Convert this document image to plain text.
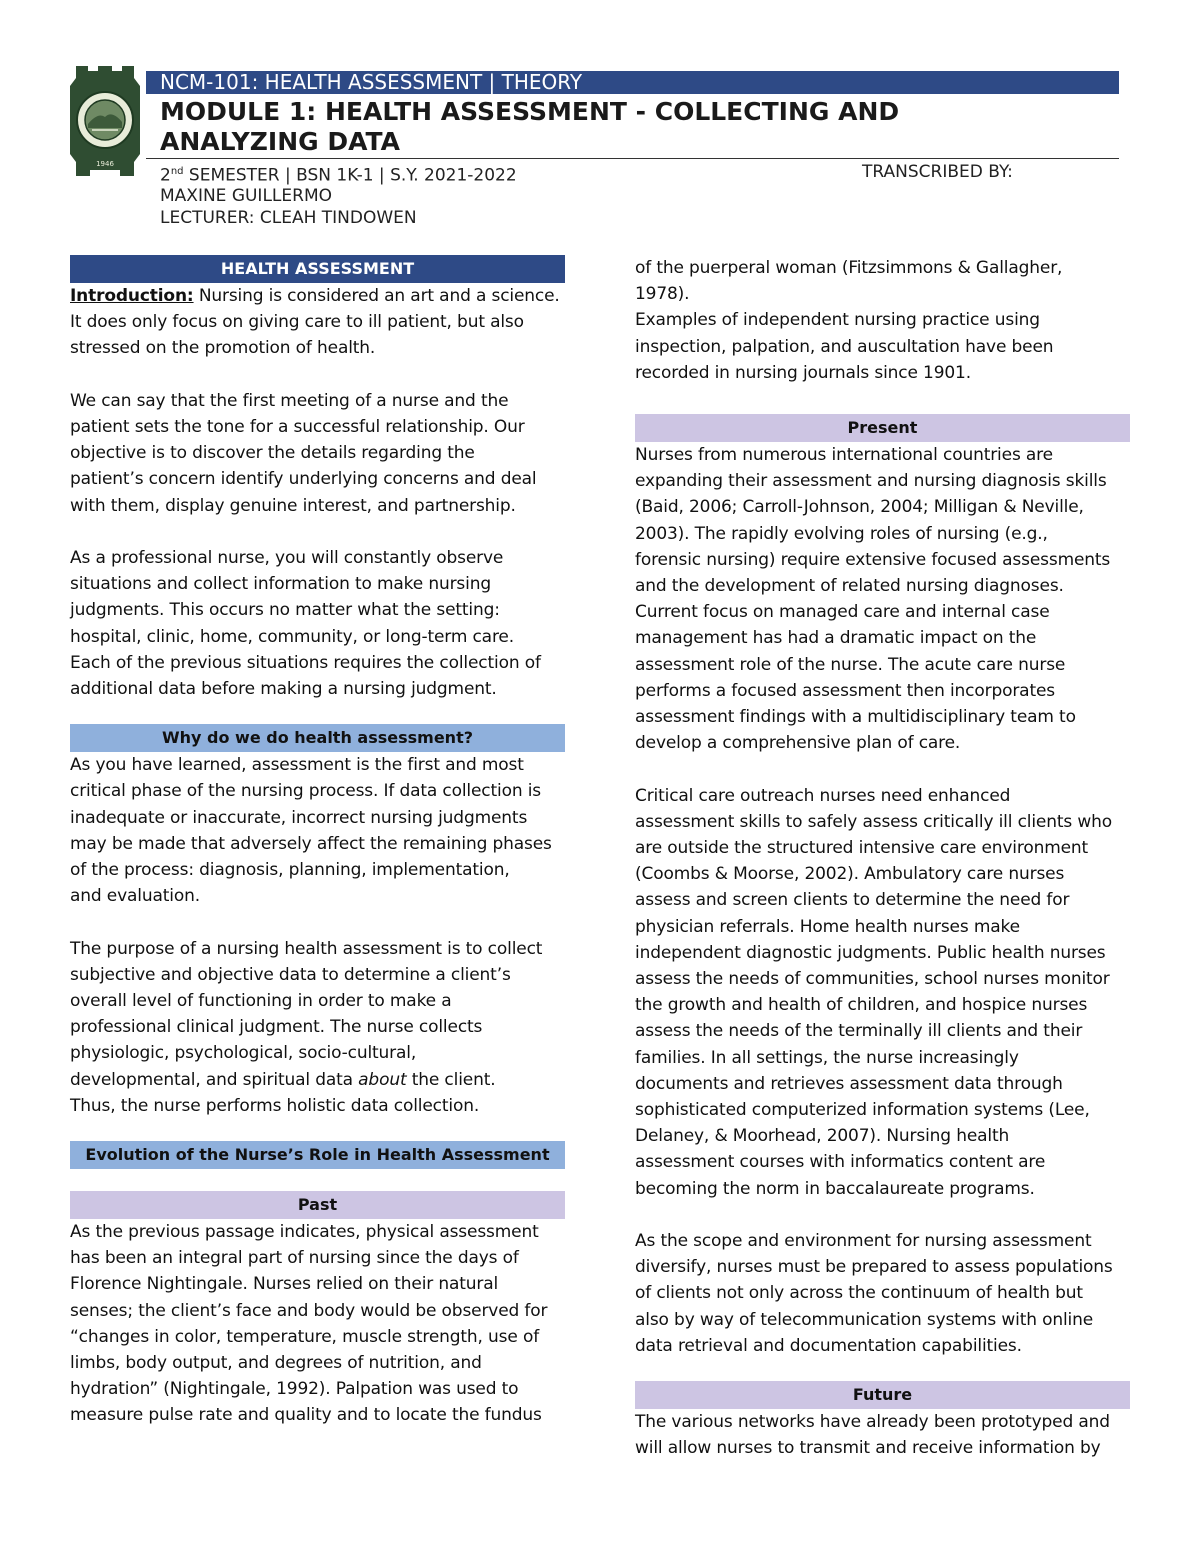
1946
NCM-101: HEALTH ASSESSMENT | THEORY
MODULE 1: HEALTH ASSESSMENT - COLLECTING AND ANALYZING DATA
2nd SEMESTER | BSN 1K-1 | S.Y. 2021-2022	TRANSCRIBED BY:
MAXINE GUILLERMO
LECTURER: CLEAH TINDOWEN
HEALTH ASSESSMENT

Introduction: Nursing is considered an art and a science.

It does only focus on giving care to ill patient, but also

stressed on the promotion of health.

We can say that the first meeting of a nurse and the

patient sets the tone for a successful relationship. Our

objective is to discover the details regarding the

patient’s concern identify underlying concerns and deal

with them, display genuine interest, and partnership.

As a professional nurse, you will constantly observe

situations and collect information to make nursing

judgments. This occurs no matter what the setting:

hospital, clinic, home, community, or long-term care.

Each of the previous situations requires the collection of

additional data before making a nursing judgment.

Why do we do health assessment?

As you have learned, assessment is the first and most

critical phase of the nursing process. If data collection is

inadequate or inaccurate, incorrect nursing judgments

may be made that adversely affect the remaining phases

of the process: diagnosis, planning, implementation,

and evaluation.

The purpose of a nursing health assessment is to collect

subjective and objective data to determine a client’s

overall level of functioning in order to make a

professional clinical judgment. The nurse collects

physiologic, psychological, socio-cultural,

developmental, and spiritual data about the client.

Thus, the nurse performs holistic data collection.

Evolution of the Nurse’s Role in Health Assessment
Past

As the previous passage indicates, physical assessment

has been an integral part of nursing since the days of

Florence Nightingale. Nurses relied on their natural

senses; the client’s face and body would be observed for

“changes in color, temperature, muscle strength, use of

limbs, body output, and degrees of nutrition, and

hydration” (Nightingale, 1992). Palpation was used to

measure pulse rate and quality and to locate the fundus

of the puerperal woman (Fitzsimmons & Gallagher,

1978).

Examples of independent nursing practice using

inspection, palpation, and auscultation have been

recorded in nursing journals since 1901.

Present

Nurses from numerous international countries are

expanding their assessment and nursing diagnosis skills

(Baid, 2006; Carroll-Johnson, 2004; Milligan & Neville,

2003). The rapidly evolving roles of nursing (e.g.,

forensic nursing) require extensive focused assessments

and the development of related nursing diagnoses.

Current focus on managed care and internal case

management has had a dramatic impact on the

assessment role of the nurse. The acute care nurse

performs a focused assessment then incorporates

assessment findings with a multidisciplinary team to

develop a comprehensive plan of care.

Critical care outreach nurses need enhanced

assessment skills to safely assess critically ill clients who

are outside the structured intensive care environment

(Coombs & Moorse, 2002). Ambulatory care nurses

assess and screen clients to determine the need for

physician referrals. Home health nurses make

independent diagnostic judgments. Public health nurses

assess the needs of communities, school nurses monitor

the growth and health of children, and hospice nurses

assess the needs of the terminally ill clients and their

families. In all settings, the nurse increasingly

documents and retrieves assessment data through

sophisticated computerized information systems (Lee,

Delaney, & Moorhead, 2007). Nursing health

assessment courses with informatics content are

becoming the norm in baccalaureate programs.

As the scope and environment for nursing assessment

diversify, nurses must be prepared to assess populations

of clients not only across the continuum of health but

also by way of telecommunication systems with online

data retrieval and documentation capabilities.

Future

The various networks have already been prototyped and

will allow nurses to transmit and receive information by
